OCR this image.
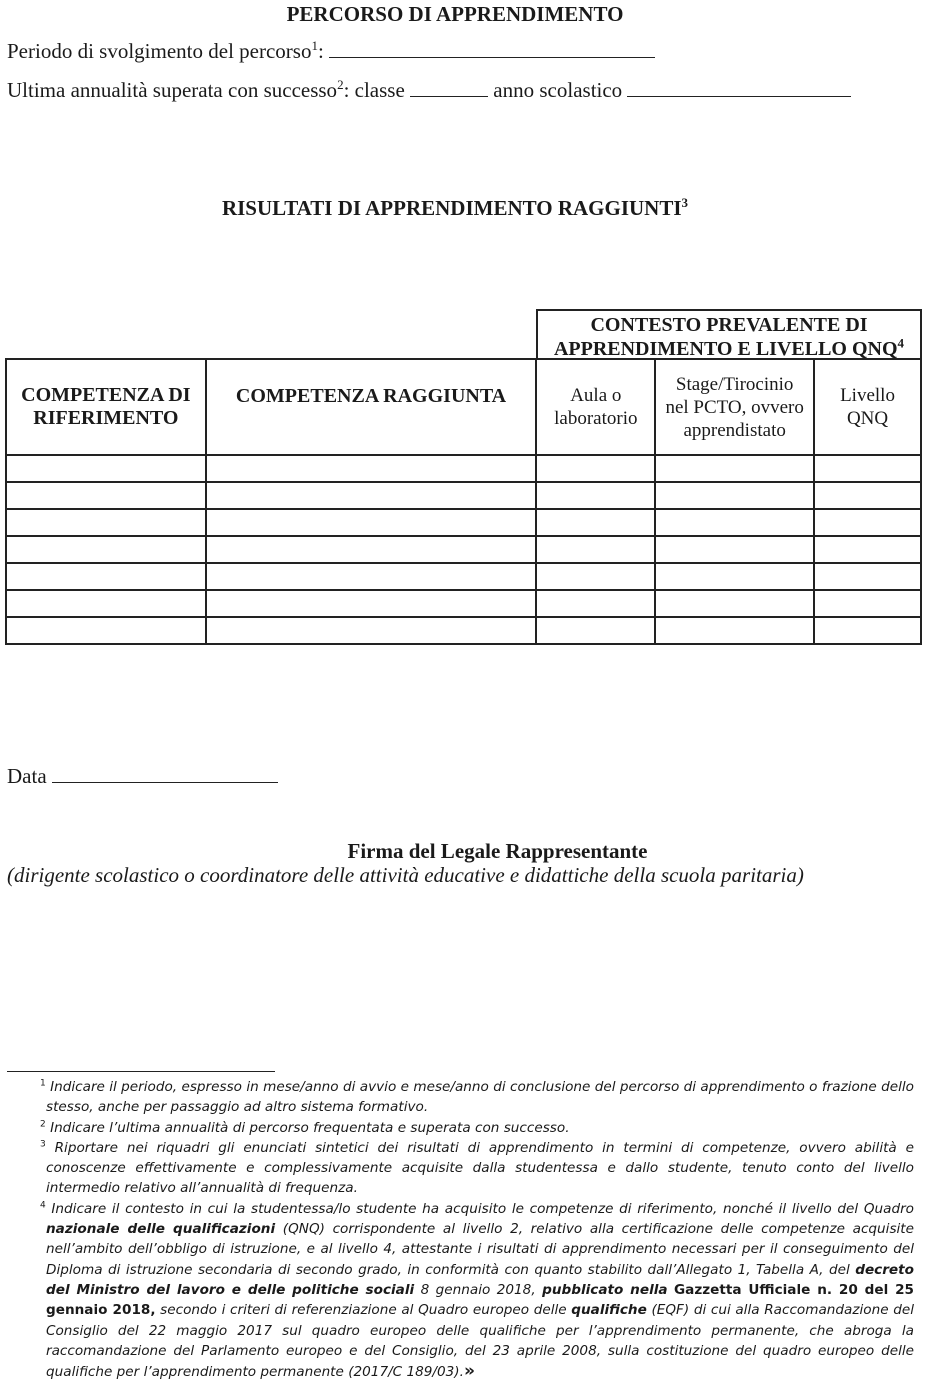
PERCORSO DI APPRENDIMENTO
Periodo di svolgimento del percorso$^1$:
Ultima annualità superata con successo$^2$: classe	anno scolastico
RISULTATI DI APPRENDIMENTO RAGGIUNTI$^3$
CONTESTO PREVALENTE DI APPRENDIMENTO E LIVELLO QNQ$^4$
COMPETENZA DI RIFERIMENTO	COMPETENZA RAGGIUNTA	Aula o laboratorio	Stage/Tirocinio nel PCTO, ovvero apprendistato	Livello QNQ

Data
Firma del Legale Rappresentante
(dirigente scolastico o coordinatore delle attività educative e didattiche della scuola paritaria)

$^1$ Indicare il periodo, espresso in mese/anno di avvio e mese/anno di conclusione del percorso di apprendimento o frazione dello stesso, anche per passaggio ad altro sistema formativo.

$^2$ Indicare l’ultima annualità di percorso frequentata e superata con successo.

$^3$ Riportare nei riquadri gli enunciati sintetici dei risultati di apprendimento in termini di competenze, ovvero abilità e conoscenze effettivamente e complessivamente acquisite dalla studentessa e dallo studente, tenuto conto del livello intermedio relativo all’annualità di frequenza.

$^4$ Indicare il contesto in cui la studentessa/lo studente ha acquisito le competenze di riferimento, nonché il livello del Quadro nazionale delle qualificazioni (QNQ) corrispondente al livello 2, relativo alla certificazione delle competenze acquisite nell’ambito dell’obbligo di istruzione, e al livello 4, attestante i risultati di apprendimento necessari per il conseguimento del Diploma di istruzione secondaria di secondo grado, in conformità con quanto stabilito dall’Allegato 1, Tabella A, del decreto del Ministro del lavoro e delle politiche sociali 8 gennaio 2018, pubblicato nella Gazzetta Ufficiale n. 20 del 25 gennaio 2018, secondo i criteri di referenziazione al Quadro europeo delle qualifiche (EQF) di cui alla Raccomandazione del Consiglio del 22 maggio 2017 sul quadro europeo delle qualifiche per l’apprendimento permanente, che abroga la raccomandazione del Parlamento europeo e del Consiglio, del 23 aprile 2008, sulla costituzione del quadro europeo delle qualifiche per l’apprendimento permanente (2017/C 189/03).»
